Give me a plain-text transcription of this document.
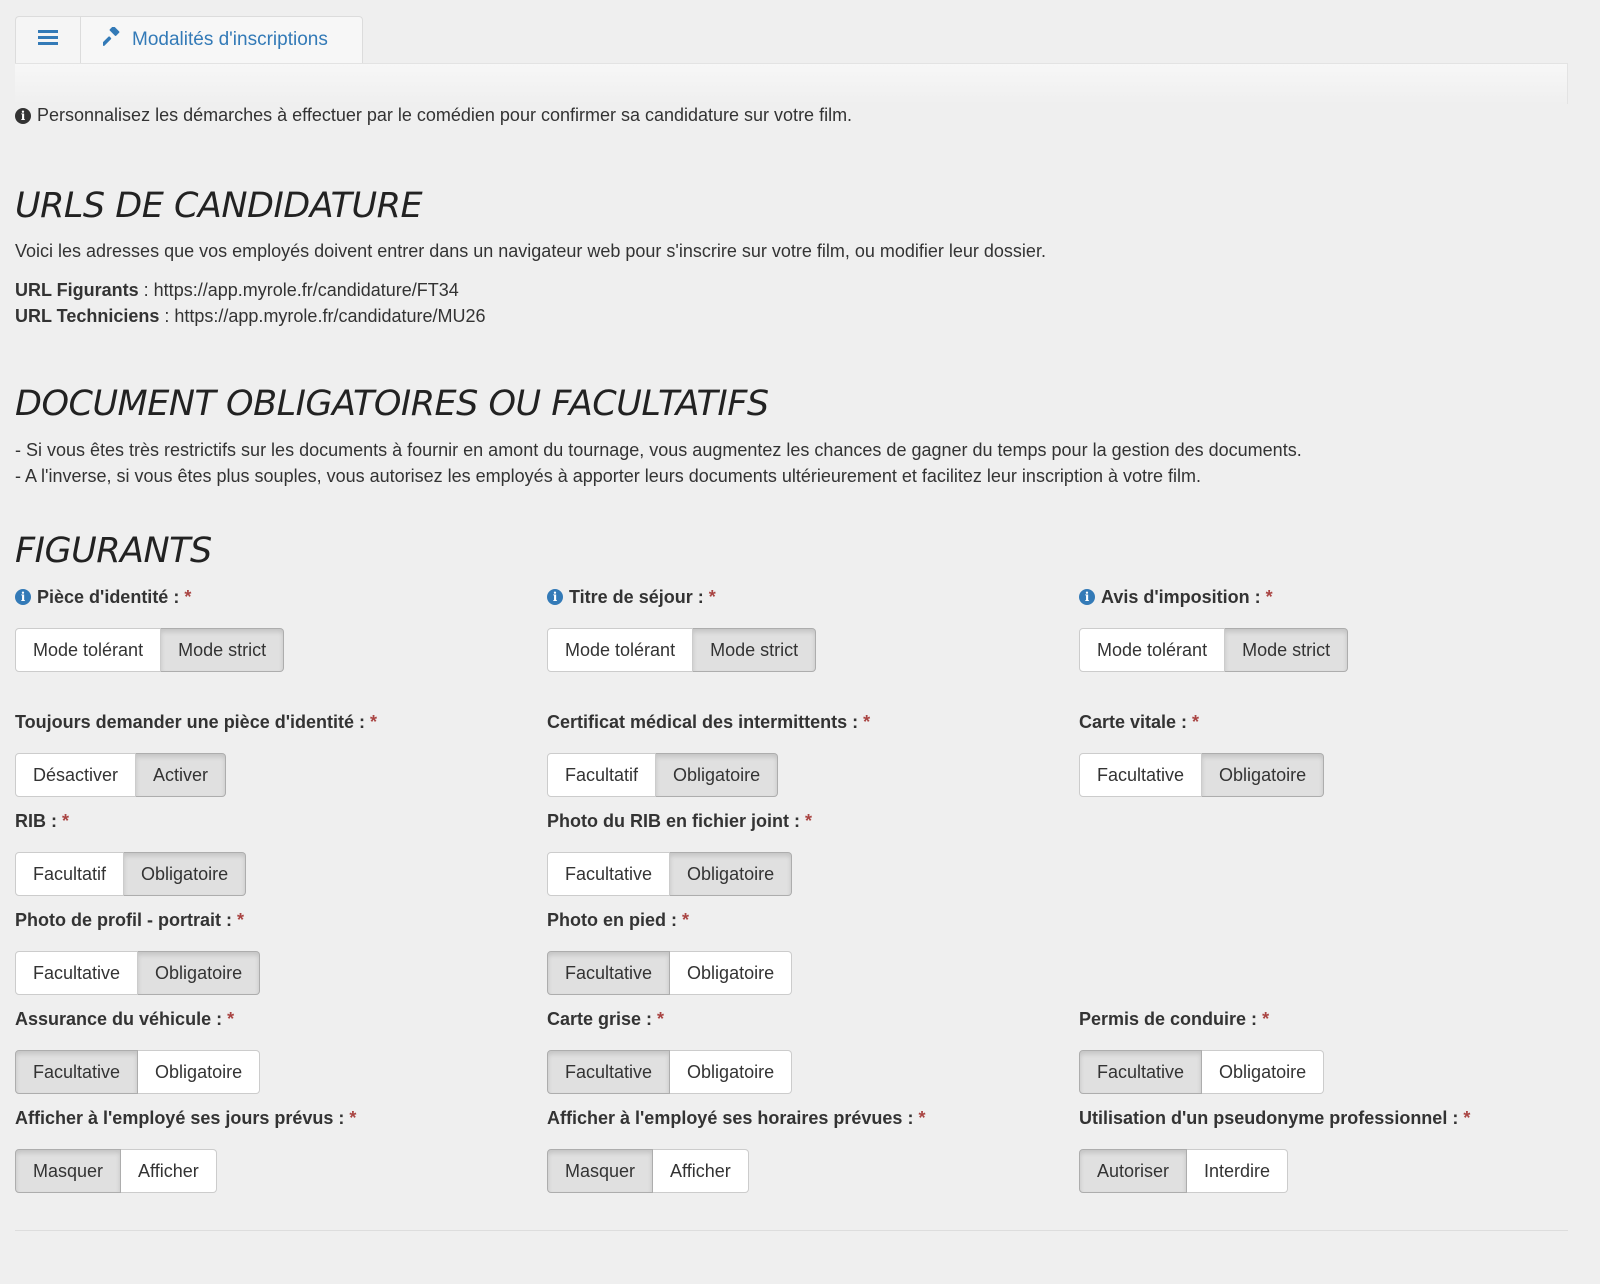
Modalités d'inscriptions
i Personnalisez les démarches à effectuer par le comédien pour confirmer sa candidature sur votre film.
URLS DE CANDIDATURE

Voici les adresses que vos employés doivent entrer dans un navigateur web pour s'inscrire sur votre film, ou modifier leur dossier.

URL Figurants : https://app.myrole.fr/candidature/FT34

URL Techniciens : https://app.myrole.fr/candidature/MU26

DOCUMENT OBLIGATOIRES OU FACULTATIFS

- Si vous êtes très restrictifs sur les documents à fournir en amont du tournage, vous augmentez les chances de gagner du temps pour la gestion des documents.

- A l'inverse, si vous êtes plus souples, vous autorisez les employés à apporter leurs documents ultérieurement et facilitez leur inscription à votre film.

FIGURANTS
i Pièce d'identité : *
Mode tolérant	Mode strict
i Titre de séjour : *
Mode tolérant	Mode strict
i Avis d'imposition : *
Mode tolérant	Mode strict
Toujours demander une pièce d'identité : *
Désactiver	Activer
Certificat médical des intermittents : *
Facultatif	Obligatoire
Carte vitale : *
Facultative	Obligatoire
RIB : *
Facultatif	Obligatoire
Photo du RIB en fichier joint : *
Facultative	Obligatoire
Photo de profil - portrait : *
Facultative	Obligatoire
Photo en pied : *
Facultative	Obligatoire
Assurance du véhicule : *
Facultative	Obligatoire
Carte grise : *
Facultative	Obligatoire
Permis de conduire : *
Facultative	Obligatoire
Afficher à l'employé ses jours prévus : *
Masquer	Afficher
Afficher à l'employé ses horaires prévues : *
Masquer	Afficher
Utilisation d'un pseudonyme professionnel : *
Autoriser	Interdire
